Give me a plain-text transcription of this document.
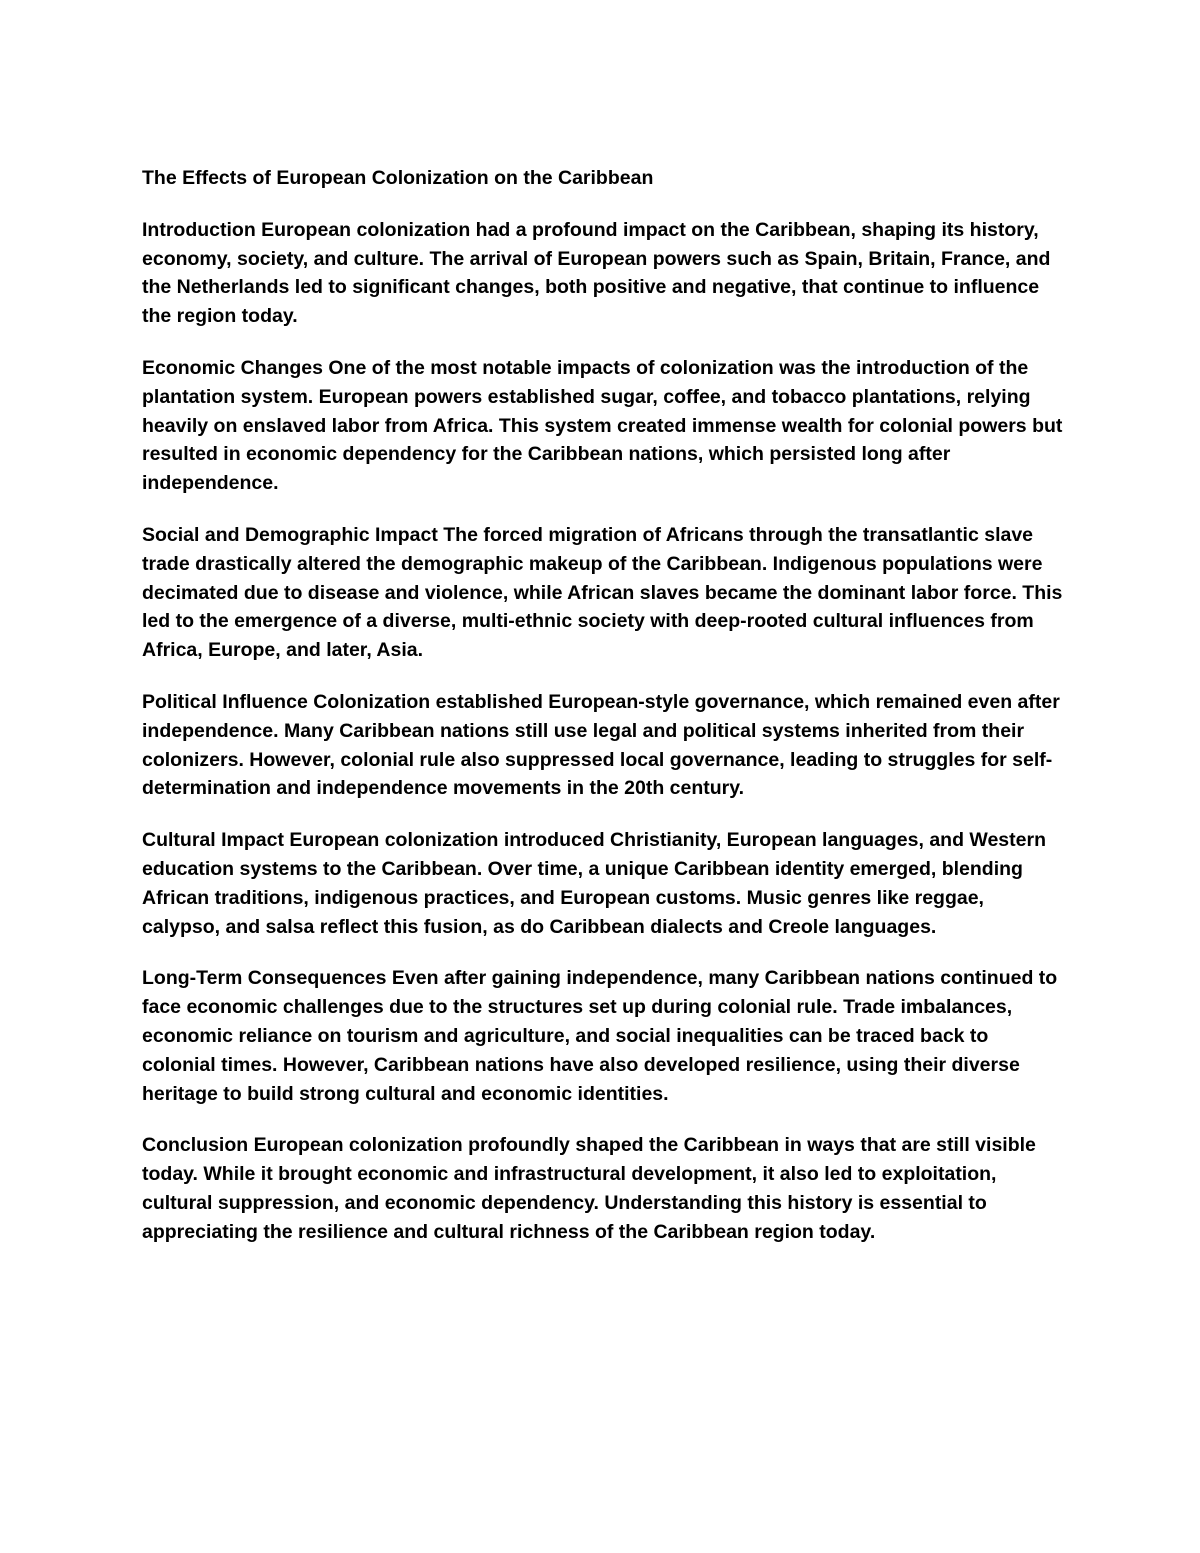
The Effects of European Colonization on the Caribbean

Introduction European colonization had a profound impact on the Caribbean, shaping its history, economy, society, and culture. The arrival of European powers such as Spain, Britain, France, and the Netherlands led to significant changes, both positive and negative, that continue to influence the region today.

Economic Changes One of the most notable impacts of colonization was the introduction of the plantation system. European powers established sugar, coffee, and tobacco plantations, relying heavily on enslaved labor from Africa. This system created immense wealth for colonial powers but resulted in economic dependency for the Caribbean nations, which persisted long after independence.

Social and Demographic Impact The forced migration of Africans through the transatlantic slave trade drastically altered the demographic makeup of the Caribbean. Indigenous populations were decimated due to disease and violence, while African slaves became the dominant labor force. This led to the emergence of a diverse, multi-ethnic society with deep-rooted cultural influences from Africa, Europe, and later, Asia.

Political Influence Colonization established European-style governance, which remained even after independence. Many Caribbean nations still use legal and political systems inherited from their colonizers. However, colonial rule also suppressed local governance, leading to struggles for self-determination and independence movements in the 20th century.

Cultural Impact European colonization introduced Christianity, European languages, and Western education systems to the Caribbean. Over time, a unique Caribbean identity emerged, blending African traditions, indigenous practices, and European customs. Music genres like reggae, calypso, and salsa reflect this fusion, as do Caribbean dialects and Creole languages.

Long-Term Consequences Even after gaining independence, many Caribbean nations continued to face economic challenges due to the structures set up during colonial rule. Trade imbalances, economic reliance on tourism and agriculture, and social inequalities can be traced back to colonial times. However, Caribbean nations have also developed resilience, using their diverse heritage to build strong cultural and economic identities.

Conclusion European colonization profoundly shaped the Caribbean in ways that are still visible today. While it brought economic and infrastructural development, it also led to exploitation, cultural suppression, and economic dependency. Understanding this history is essential to appreciating the resilience and cultural richness of the Caribbean region today.
